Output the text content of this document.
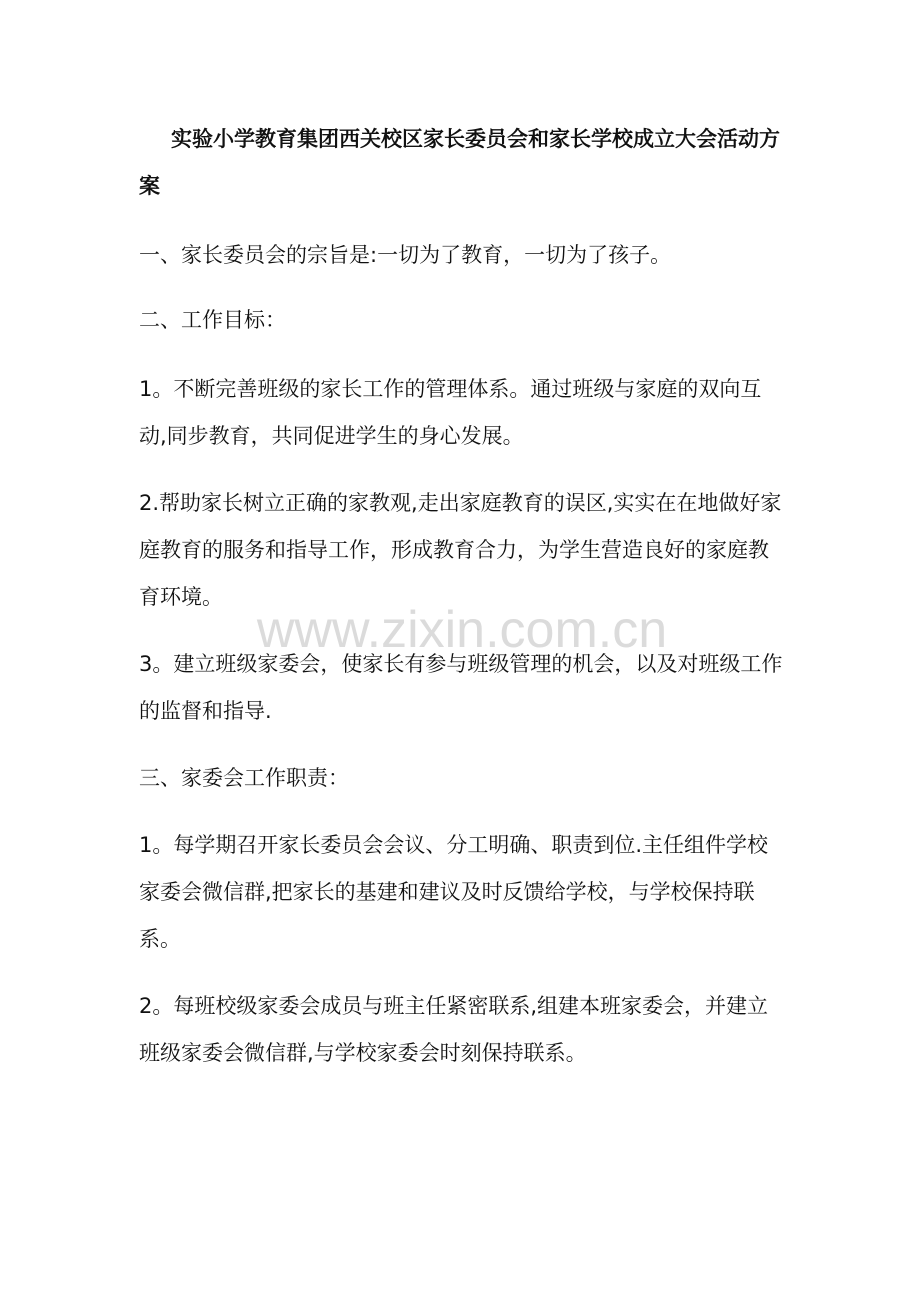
实验小学教育集团西关校区家长委员会和家长学校成立大会活动方案

一、家长委员会的宗旨是:一切为了教育，一切为了孩子。

二、工作目标：

1。不断完善班级的家长工作的管理体系。通过班级与家庭的双向互动,同步教育，共同促进学生的身心发展。

2.帮助家长树立正确的家教观,走出家庭教育的误区,实实在在地做好家庭教育的服务和指导工作，形成教育合力，为学生营造良好的家庭教育环境。

3。建立班级家委会，使家长有参与班级管理的机会，以及对班级工作的监督和指导.

三、家委会工作职责：

1。每学期召开家长委员会会议、分工明确、职责到位.主任组件学校家委会微信群,把家长的基建和建议及时反馈给学校，与学校保持联系。

2。每班校级家委会成员与班主任紧密联系,组建本班家委会，并建立班级家委会微信群,与学校家委会时刻保持联系。

www.zixin.com.cn
